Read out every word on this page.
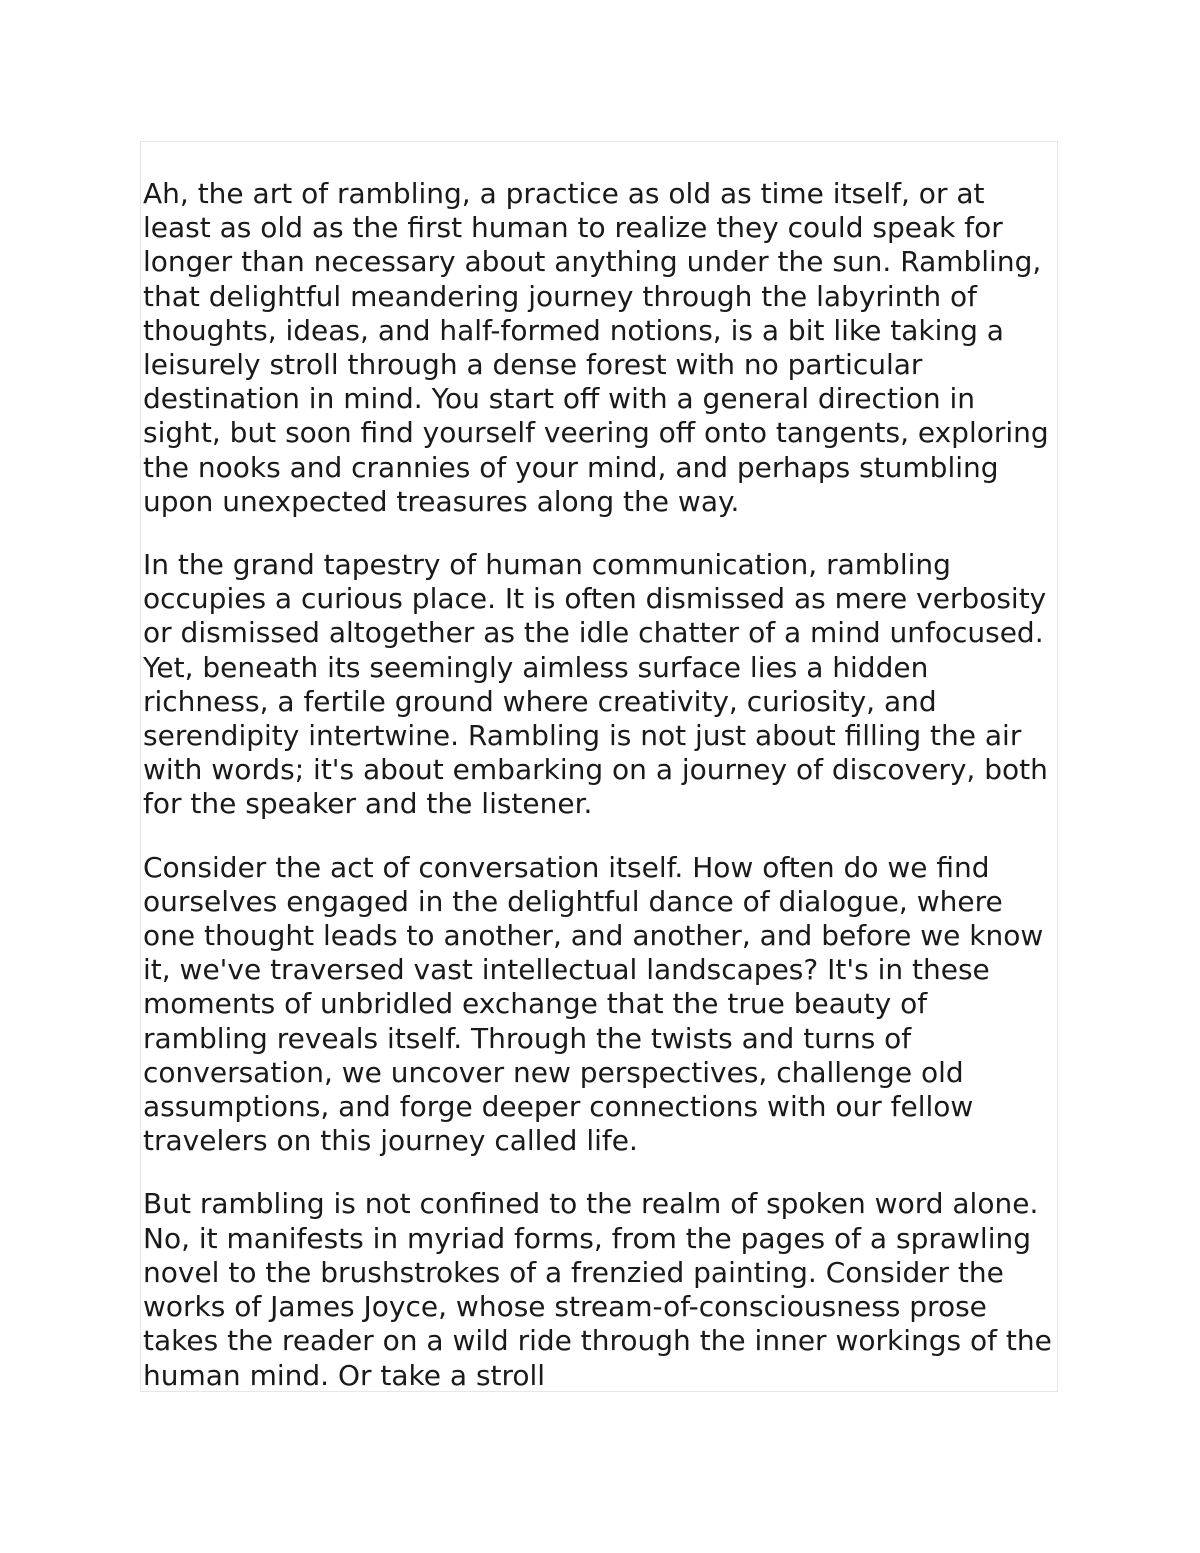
Ah, the art of rambling, a practice as old as time itself, or at least as old as the first human to realize they could speak for longer than necessary about anything under the sun. Rambling, that delightful meandering journey through the labyrinth of thoughts, ideas, and half-formed notions, is a bit like taking a leisurely stroll through a dense forest with no particular destination in mind. You start off with a general direction in sight, but soon find yourself veering off onto tangents, exploring the nooks and crannies of your mind, and perhaps stumbling upon unexpected treasures along the way.

In the grand tapestry of human communication, rambling occupies a curious place. It is often dismissed as mere verbosity or dismissed altogether as the idle chatter of a mind unfocused. Yet, beneath its seemingly aimless surface lies a hidden richness, a fertile ground where creativity, curiosity, and serendipity intertwine. Rambling is not just about filling the air with words; it's about embarking on a journey of discovery, both for the speaker and the listener.

Consider the act of conversation itself. How often do we find ourselves engaged in the delightful dance of dialogue, where one thought leads to another, and another, and before we know it, we've traversed vast intellectual landscapes? It's in these moments of unbridled exchange that the true beauty of rambling reveals itself. Through the twists and turns of conversation, we uncover new perspectives, challenge old assumptions, and forge deeper connections with our fellow travelers on this journey called life.

But rambling is not confined to the realm of spoken word alone. No, it manifests in myriad forms, from the pages of a sprawling novel to the brushstrokes of a frenzied painting. Consider the works of James Joyce, whose stream-of-consciousness prose takes the reader on a wild ride through the inner workings of the human mind. Or take a stroll
